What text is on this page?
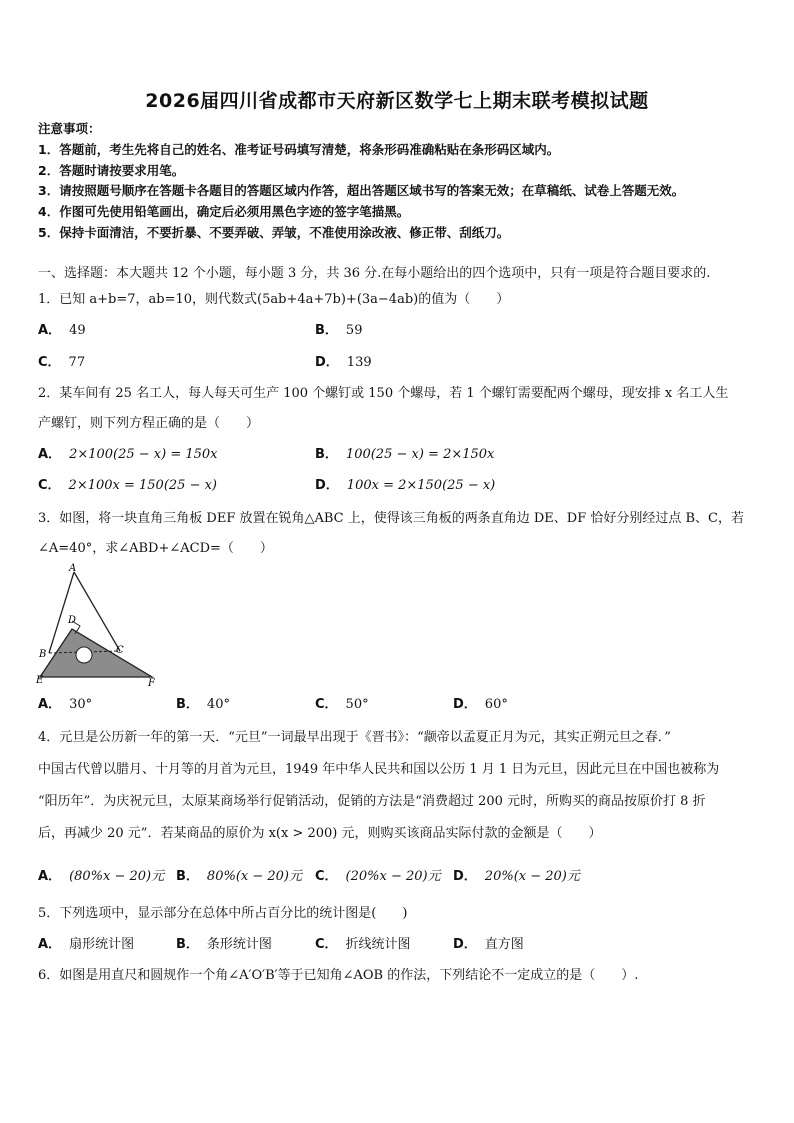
2026届四川省成都市天府新区数学七上期末联考模拟试题
注意事项：
1．答题前，考生先将自己的姓名、准考证号码填写清楚，将条形码准确粘贴在条形码区域内。
2．答题时请按要求用笔。
3．请按照题号顺序在答题卡各题目的答题区域内作答，超出答题区域书写的答案无效；在草稿纸、试卷上答题无效。
4．作图可先使用铅笔画出，确定后必须用黑色字迹的签字笔描黑。
5．保持卡面清洁，不要折暴、不要弄破、弄皱，不准使用涂改液、修正带、刮纸刀。
一、选择题：本大题共 12 个小题，每小题 3 分，共 36 分.在每小题给出的四个选项中，只有一项是符合题目要求的.
1．已知 a+b=7，ab=10，则代数式(5ab+4a+7b)+(3a−4ab)的值为（　　）
A． 49	B． 59
C． 77	D． 139
2．某车间有 25 名工人，每人每天可生产 100 个螺钉或 150 个螺母，若 1 个螺钉需要配两个螺母，现安排 x 名工人生
产螺钉，则下列方程正确的是（　　）
A． 2×100(25 − x) = 150x	B． 100(25 − x) = 2×150x
C． 2×100x = 150(25 − x)	D． 100x = 2×150(25 − x)
3．如图，将一块直角三角板 DEF 放置在锐角△ABC 上，使得该三角板的两条直角边 DE、DF 恰好分别经过点 B、C，若
∠A=40°，求∠ABD+∠ACD=（　　）
A
D
B	C
E	F
A． 30°	B． 40°	C． 50°	D． 60°
4．元旦是公历新一年的第一天．“元旦”一词最早出现于《晋书》：“颛帝以孟夏正月为元，其实正朔元旦之春．”
中国古代曾以腊月、十月等的月首为元旦，1949 年中华人民共和国以公历 1 月 1 日为元旦，因此元旦在中国也被称为
“阳历年”．为庆祝元旦，太原某商场举行促销活动，促销的方法是“消费超过 200 元时，所购买的商品按原价打 8 折
后，再减少 20 元”．若某商品的原价为 x(x > 200) 元，则购买该商品实际付款的金额是（　　）
A． (80%x − 20)元 B． 80%(x − 20)元 C． (20%x − 20)元 D． 20%(x − 20)元
5．下列选项中，显示部分在总体中所占百分比的统计图是(　　)
A． 扇形统计图	B． 条形统计图	C． 折线统计图	D． 直方图
6．如图是用直尺和圆规作一个角∠A′O′B′等于已知角∠AOB 的作法，下列结论不一定成立的是（　　）.
